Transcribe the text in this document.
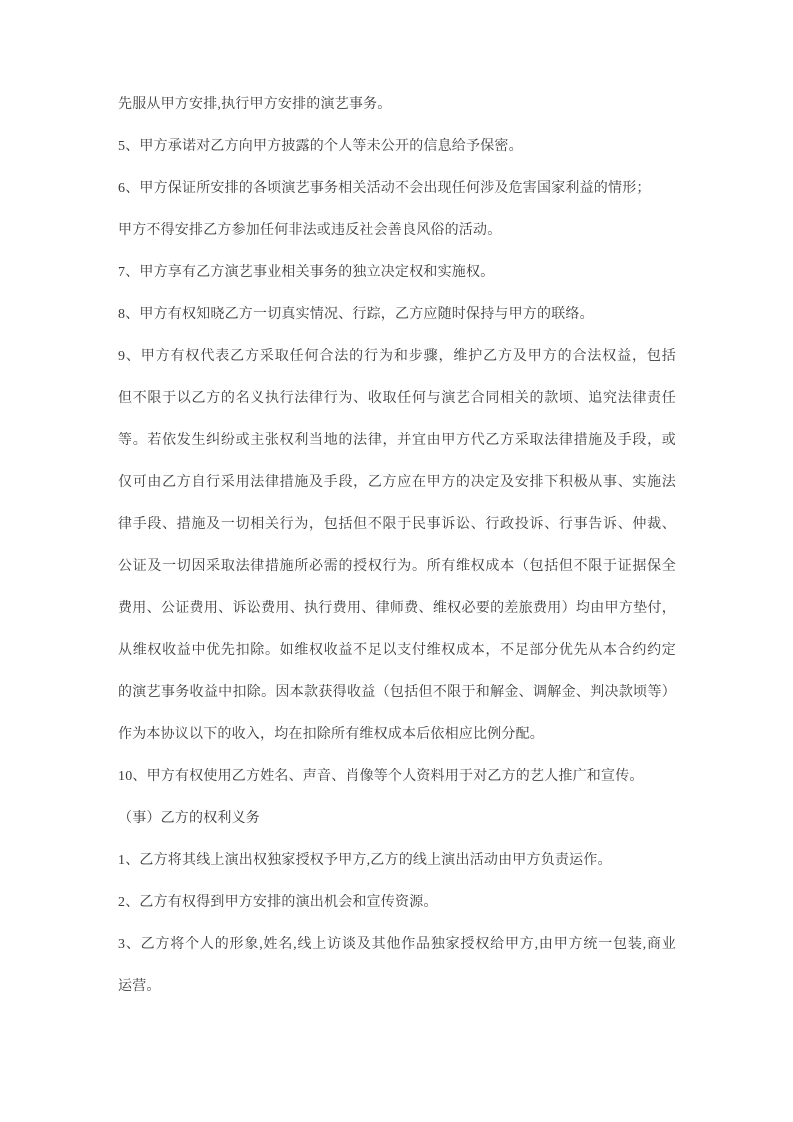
先服从甲方安排,执行甲方安排的演艺事务。
5、甲方承诺对乙方向甲方披露的个人等未公开的信息给予保密。
6、甲方保证所安排的各顷演艺事务相关活动不会出现任何涉及危害国家利益的情形；
甲方不得安排乙方参加任何非法或违反社会善良风俗的活动。
7、甲方享有乙方演艺事业相关事务的独立决定权和实施权。
8、甲方有权知晓乙方一切真实情况、行踪，乙方应随时保持与甲方的联络。
9、甲方有权代表乙方采取任何合法的行为和步骤，维护乙方及甲方的合法权益，包括
但不限于以乙方的名义执行法律行为、收取任何与演艺合同相关的款顷、追究法律责任
等。若依发生纠纷或主张权利当地的法律，并宜由甲方代乙方采取法律措施及手段，或
仅可由乙方自行采用法律措施及手段，乙方应在甲方的决定及安排下积极从事、实施法
律手段、措施及一切相关行为，包括但不限于民事诉讼、行政投诉、行事告诉、仲裁、
公证及一切因采取法律措施所必需的授权行为。所有维权成本（包括但不限于证据保全
费用、公证费用、诉讼费用、执行费用、律师费、维权必要的差旅费用）均由甲方垫付，
从维权收益中优先扣除。如维权收益不足以支付维权成本，不足部分优先从本合约约定
的演艺事务收益中扣除。因本款获得收益（包括但不限于和解金、调解金、判决款顷等）
作为本协议以下的收入，均在扣除所有维权成本后依相应比例分配。
10、甲方有权使用乙方姓名、声音、肖像等个人资料用于对乙方的艺人推广和宣传。
（事）乙方的权利义务
1、乙方将其线上演出权独家授权予甲方,乙方的线上演出活动由甲方负责运作。
2、乙方有权得到甲方安排的演出机会和宣传资源。
3、乙方将个人的形象,姓名,线上访谈及其他作品独家授权给甲方,由甲方统一包装,商业
运营。
